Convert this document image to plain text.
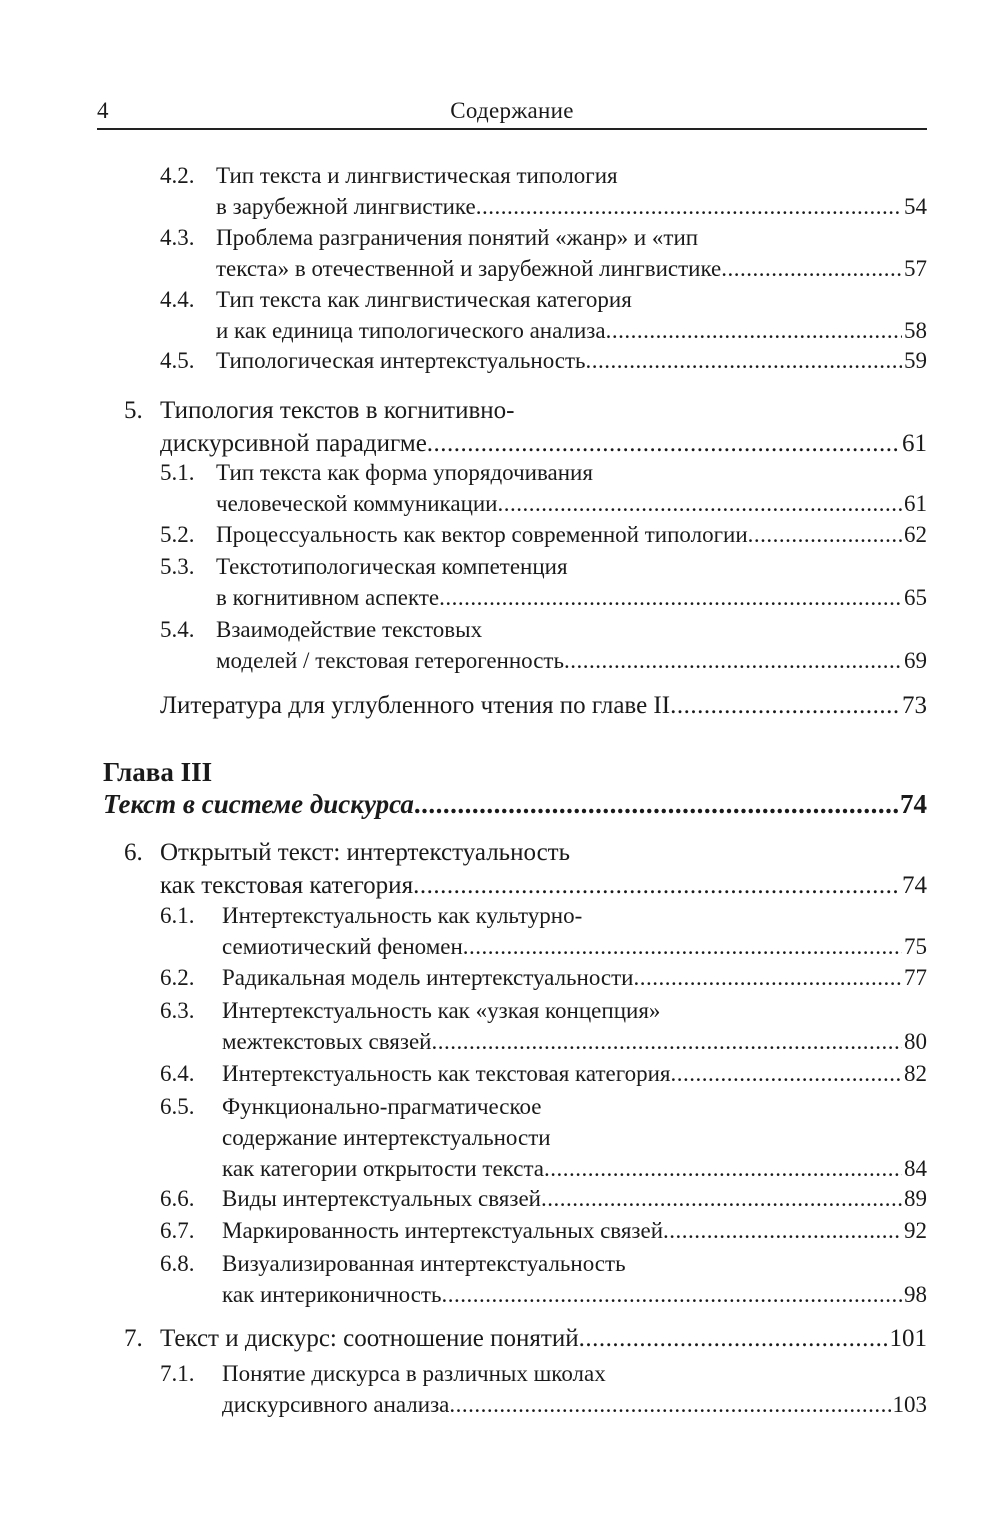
4	Содержание
4.2. Тип текста и лингвистическая типология
в зарубежной лингвистике .....	54
4.3. Проблема разграничения понятий «жанр» и «тип
текста» в отечественной и зарубежной лингвистике .....	57
4.4. Тип текста как лингвистическая категория
и как единица типологического анализа .....	58
4.5. Типологическая интертекстуальность .....	59
5. Типология текстов в когнитивно-
дискурсивной парадигме .....	61
5.1. Тип текста как форма упорядочивания
человеческой коммуникации .....	61
5.2. Процессуальность как вектор современной типологии .....	62
5.3. Текстотипологическая компетенция
в когнитивном аспекте .....	65
5.4. Взаимодействие текстовых
моделей / текстовая гетерогенность .....	69
Литература для углубленного чтения по главе II .....	73
Глава III
Текст в системе дискурса .....	74
6. Открытый текст: интертекстуальность
как текстовая категория .....	74
6.1. Интертекстуальность как культурно-
семиотический феномен .....	75
6.2. Радикальная модель интертекстуальности .....	77
6.3. Интертекстуальность как «узкая концепция»
межтекстовых связей .....	80
6.4. Интертекстуальность как текстовая категория .....	82
6.5. Функционально-прагматическое
содержание интертекстуальности
как категории открытости текста .....	84
6.6. Виды интертекстуальных связей .....	89
6.7. Маркированность интертекстуальных связей .....	92
6.8. Визуализированная интертекстуальность
как интериконичность .....	98
7. Текст и дискурс: соотношение понятий .....	101
7.1. Понятие дискурса в различных школах
дискурсивного анализа .....	103
